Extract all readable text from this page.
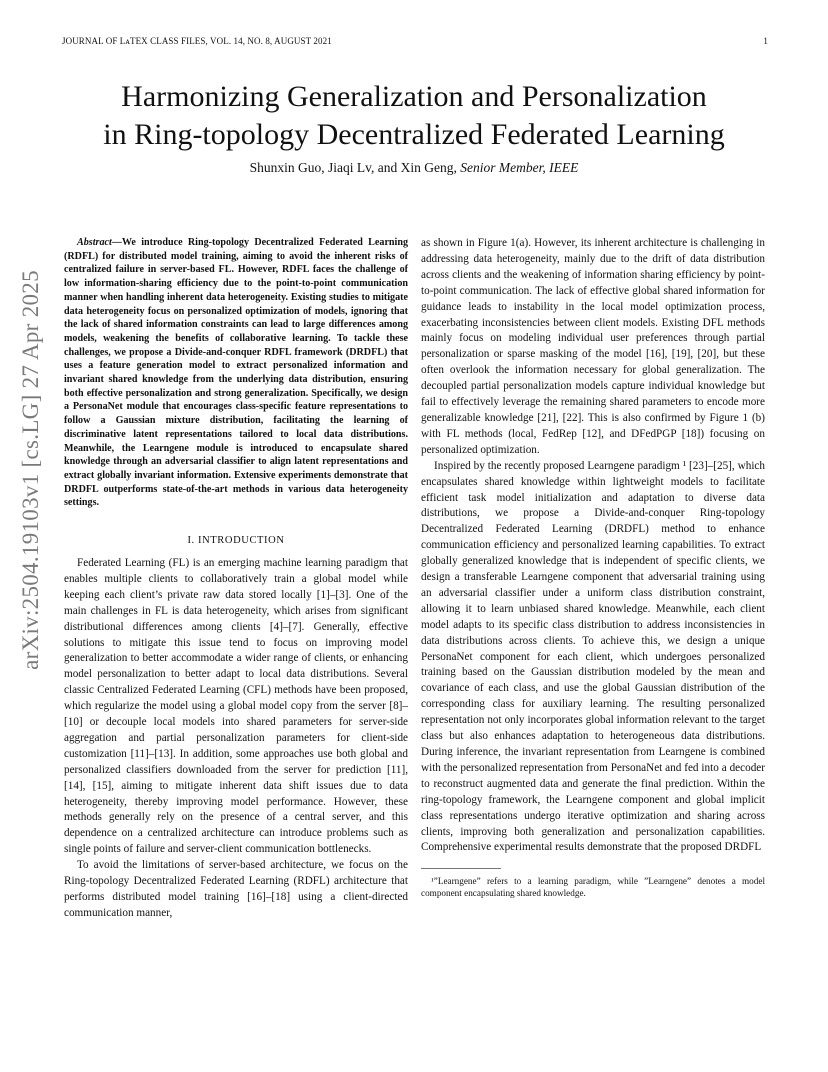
JOURNAL OF LᴀTEX CLASS FILES, VOL. 14, NO. 8, AUGUST 2021	1
Harmonizing Generalization and Personalization
in Ring-topology Decentralized Federated Learning
Shunxin Guo, Jiaqi Lv, and Xin Geng, Senior Member, IEEE
arXiv:2504.19103v1 [cs.LG] 27 Apr 2025

Abstract—We introduce Ring-topology Decentralized Federated Learning (RDFL) for distributed model training, aiming to avoid the inherent risks of centralized failure in server-based FL. However, RDFL faces the challenge of low information-sharing efficiency due to the point-to-point communication manner when handling inherent data heterogeneity. Existing studies to mitigate data heterogeneity focus on personalized optimization of models, ignoring that the lack of shared information constraints can lead to large differences among models, weakening the benefits of collaborative learning. To tackle these challenges, we propose a Divide-and-conquer RDFL framework (DRDFL) that uses a feature generation model to extract personalized information and invariant shared knowledge from the underlying data distribution, ensuring both effective personalization and strong generalization. Specifically, we design a PersonaNet module that encourages class-specific feature representations to follow a Gaussian mixture distribution, facilitating the learning of discriminative latent representations tailored to local data distributions. Meanwhile, the Learngene module is introduced to encapsulate shared knowledge through an adversarial classifier to align latent representations and extract globally invariant information. Extensive experiments demonstrate that DRDFL outperforms state-of-the-art methods in various data heterogeneity settings.

I. INTRODUCTION

Federated Learning (FL) is an emerging machine learning paradigm that enables multiple clients to collaboratively train a global model while keeping each client’s private raw data stored locally [1]–[3]. One of the main challenges in FL is data heterogeneity, which arises from significant distributional differences among clients [4]–[7]. Generally, effective solutions to mitigate this issue tend to focus on improving model generalization to better accommodate a wider range of clients, or enhancing model personalization to better adapt to local data distributions. Several classic Centralized Federated Learning (CFL) methods have been proposed, which regularize the model using a global model copy from the server [8]–[10] or decouple local models into shared parameters for server-side aggregation and partial personalization parameters for client-side customization [11]–[13]. In addition, some approaches use both global and personalized classifiers downloaded from the server for prediction [11], [14], [15], aiming to mitigate inherent data shift issues due to data heterogeneity, thereby improving model performance. However, these methods generally rely on the presence of a central server, and this dependence on a centralized architecture can introduce problems such as single points of failure and server-client communication bottlenecks.

To avoid the limitations of server-based architecture, we focus on the Ring-topology Decentralized Federated Learning (RDFL) architecture that performs distributed model training [16]–[18] using a client-directed communication manner,

as shown in Figure 1(a). However, its inherent architecture is challenging in addressing data heterogeneity, mainly due to the drift of data distribution across clients and the weakening of information sharing efficiency by point-to-point communication. The lack of effective global shared information for guidance leads to instability in the local model optimization process, exacerbating inconsistencies between client models. Existing DFL methods mainly focus on modeling individual user preferences through partial personalization or sparse masking of the model [16], [19], [20], but these often overlook the information necessary for global generalization. The decoupled partial personalization models capture individual knowledge but fail to effectively leverage the remaining shared parameters to encode more generalizable knowledge [21], [22]. This is also confirmed by Figure 1 (b) with FL methods (local, FedRep [12], and DFedPGP [18]) focusing on personalized optimization.

Inspired by the recently proposed Learngene paradigm ¹ [23]–[25], which encapsulates shared knowledge within lightweight models to facilitate efficient task model initialization and adaptation to diverse data distributions, we propose a Divide-and-conquer Ring-topology Decentralized Federated Learning (DRDFL) method to enhance communication efficiency and personalized learning capabilities. To extract globally generalized knowledge that is independent of specific clients, we design a transferable Learngene component that adversarial training using an adversarial classifier under a uniform class distribution constraint, allowing it to learn unbiased shared knowledge. Meanwhile, each client model adapts to its specific class distribution to address inconsistencies in data distributions across clients. To achieve this, we design a unique PersonaNet component for each client, which undergoes personalized training based on the Gaussian distribution modeled by the mean and covariance of each class, and use the global Gaussian distribution of the corresponding class for auxiliary learning. The resulting personalized representation not only incorporates global information relevant to the target class but also enhances adaptation to heterogeneous data distributions. During inference, the invariant representation from Learngene is combined with the personalized representation from PersonaNet and fed into a decoder to reconstruct augmented data and generate the final prediction. Within the ring-topology framework, the Learngene component and global implicit class representations undergo iterative optimization and sharing across clients, improving both generalization and personalization capabilities. Comprehensive experimental results demonstrate that the proposed DRDFL

¹”Learngene” refers to a learning paradigm, while ”Learngene” denotes a model component encapsulating shared knowledge.
